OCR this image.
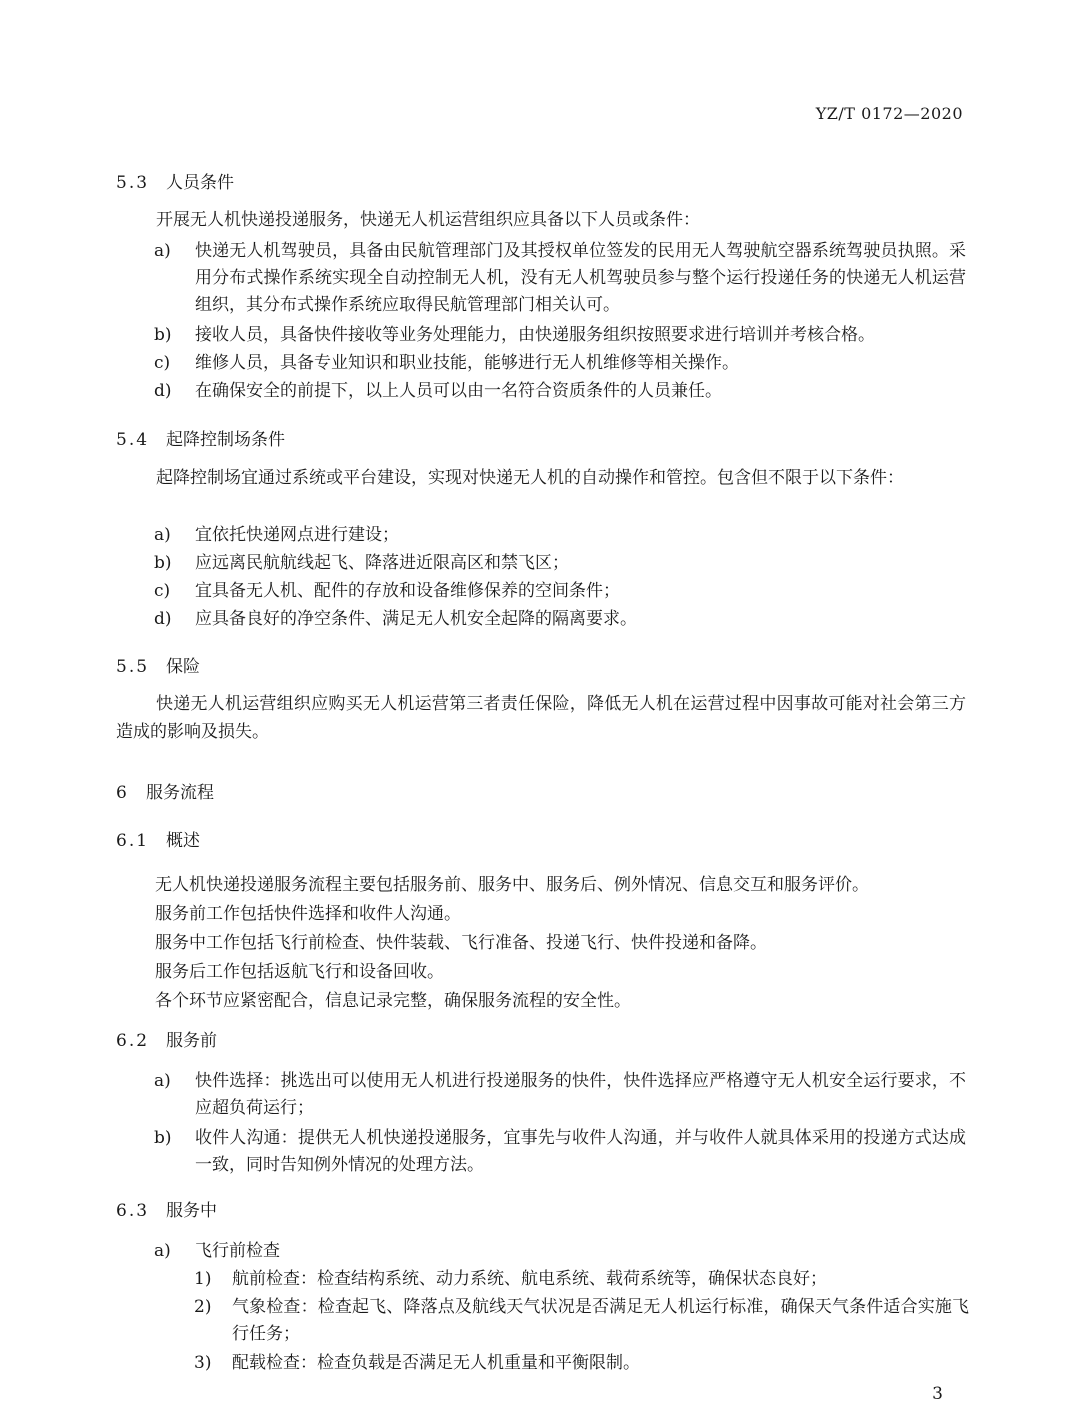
YZ/T 0172—2020
5.3 人员条件
开展无人机快递投递服务，快递无人机运营组织应具备以下人员或条件：
a) 快递无人机驾驶员，具备由民航管理部门及其授权单位签发的民用无人驾驶航空器系统驾驶员执照。采用分布式操作系统实现全自动控制无人机，没有无人机驾驶员参与整个运行投递任务的快递无人机运营组织，其分布式操作系统应取得民航管理部门相关认可。
b) 接收人员，具备快件接收等业务处理能力，由快递服务组织按照要求进行培训并考核合格。
c) 维修人员，具备专业知识和职业技能，能够进行无人机维修等相关操作。
d) 在确保安全的前提下，以上人员可以由一名符合资质条件的人员兼任。
5.4 起降控制场条件
起降控制场宜通过系统或平台建设，实现对快递无人机的自动操作和管控。包含但不限于以下条件：
a) 宜依托快递网点进行建设；
b) 应远离民航航线起飞、降落进近限高区和禁飞区；
c) 宜具备无人机、配件的存放和设备维修保养的空间条件；
d) 应具备良好的净空条件、满足无人机安全起降的隔离要求。
5.5 保险
快递无人机运营组织应购买无人机运营第三者责任保险，降低无人机在运营过程中因事故可能对社会第三方造成的影响及损失。
6 服务流程
6.1 概述
无人机快递投递服务流程主要包括服务前、服务中、服务后、例外情况、信息交互和服务评价。
服务前工作包括快件选择和收件人沟通。
服务中工作包括飞行前检查、快件装载、飞行准备、投递飞行、快件投递和备降。
服务后工作包括返航飞行和设备回收。
各个环节应紧密配合，信息记录完整，确保服务流程的安全性。
6.2 服务前
a) 快件选择：挑选出可以使用无人机进行投递服务的快件，快件选择应严格遵守无人机安全运行要求，不应超负荷运行；
b) 收件人沟通：提供无人机快递投递服务，宜事先与收件人沟通，并与收件人就具体采用的投递方式达成一致，同时告知例外情况的处理方法。
6.3 服务中
a) 飞行前检查
1) 航前检查：检查结构系统、动力系统、航电系统、载荷系统等，确保状态良好；
2) 气象检查：检查起飞、降落点及航线天气状况是否满足无人机运行标准，确保天气条件适合实施飞行任务；
3) 配载检查：检查负载是否满足无人机重量和平衡限制。
3
